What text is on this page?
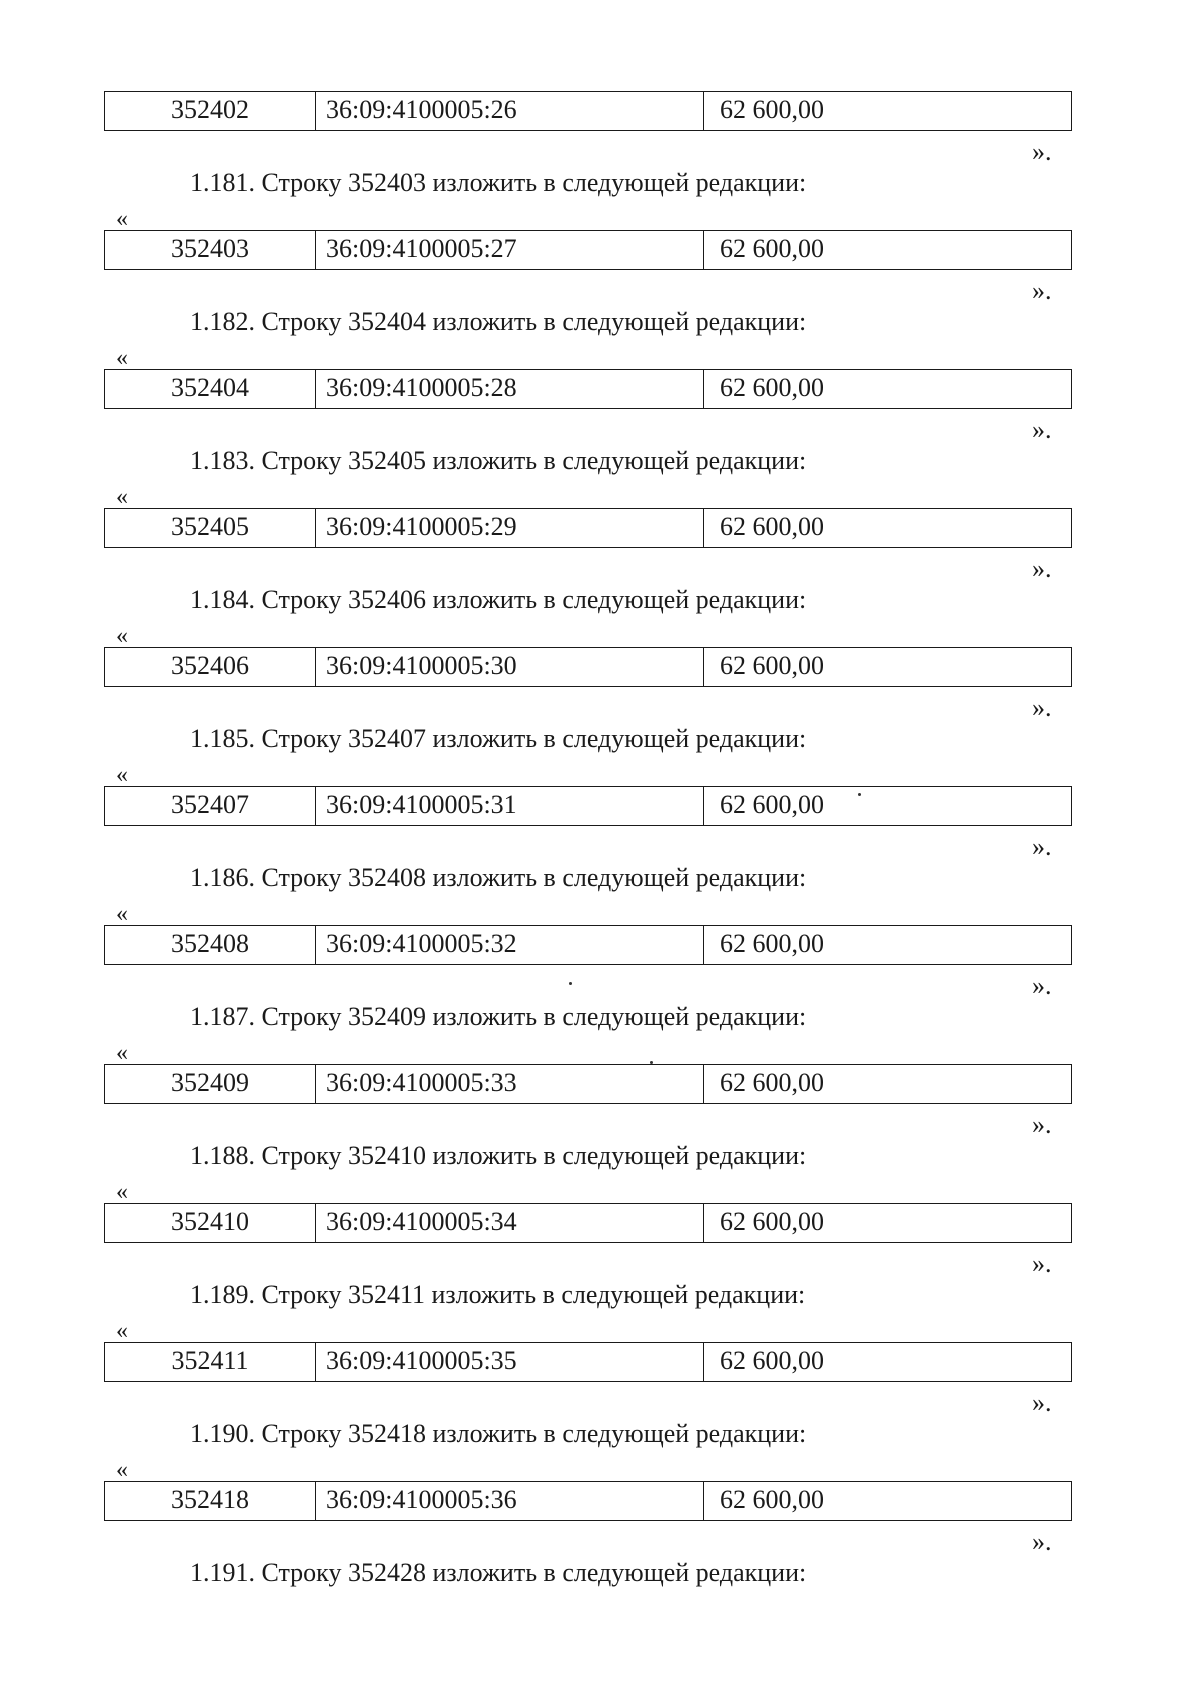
352402	36:09:4100005:26	62 600,00
».
1.181. Строку 352403 изложить в следующей редакции:
«
352403	36:09:4100005:27	62 600,00
».
1.182. Строку 352404 изложить в следующей редакции:
«
352404	36:09:4100005:28	62 600,00
».
1.183. Строку 352405 изложить в следующей редакции:
«
352405	36:09:4100005:29	62 600,00
».
1.184. Строку 352406 изложить в следующей редакции:
«
352406	36:09:4100005:30	62 600,00
».
1.185. Строку 352407 изложить в следующей редакции:
«
352407	36:09:4100005:31	62 600,00
».
1.186. Строку 352408 изложить в следующей редакции:
«
352408	36:09:4100005:32	62 600,00
».
1.187. Строку 352409 изложить в следующей редакции:
«
352409	36:09:4100005:33	62 600,00
».
1.188. Строку 352410 изложить в следующей редакции:
«
352410	36:09:4100005:34	62 600,00
».
1.189. Строку 352411 изложить в следующей редакции:
«
352411	36:09:4100005:35	62 600,00
».
1.190. Строку 352418 изложить в следующей редакции:
«
352418	36:09:4100005:36	62 600,00
».
1.191. Строку 352428 изложить в следующей редакции:
